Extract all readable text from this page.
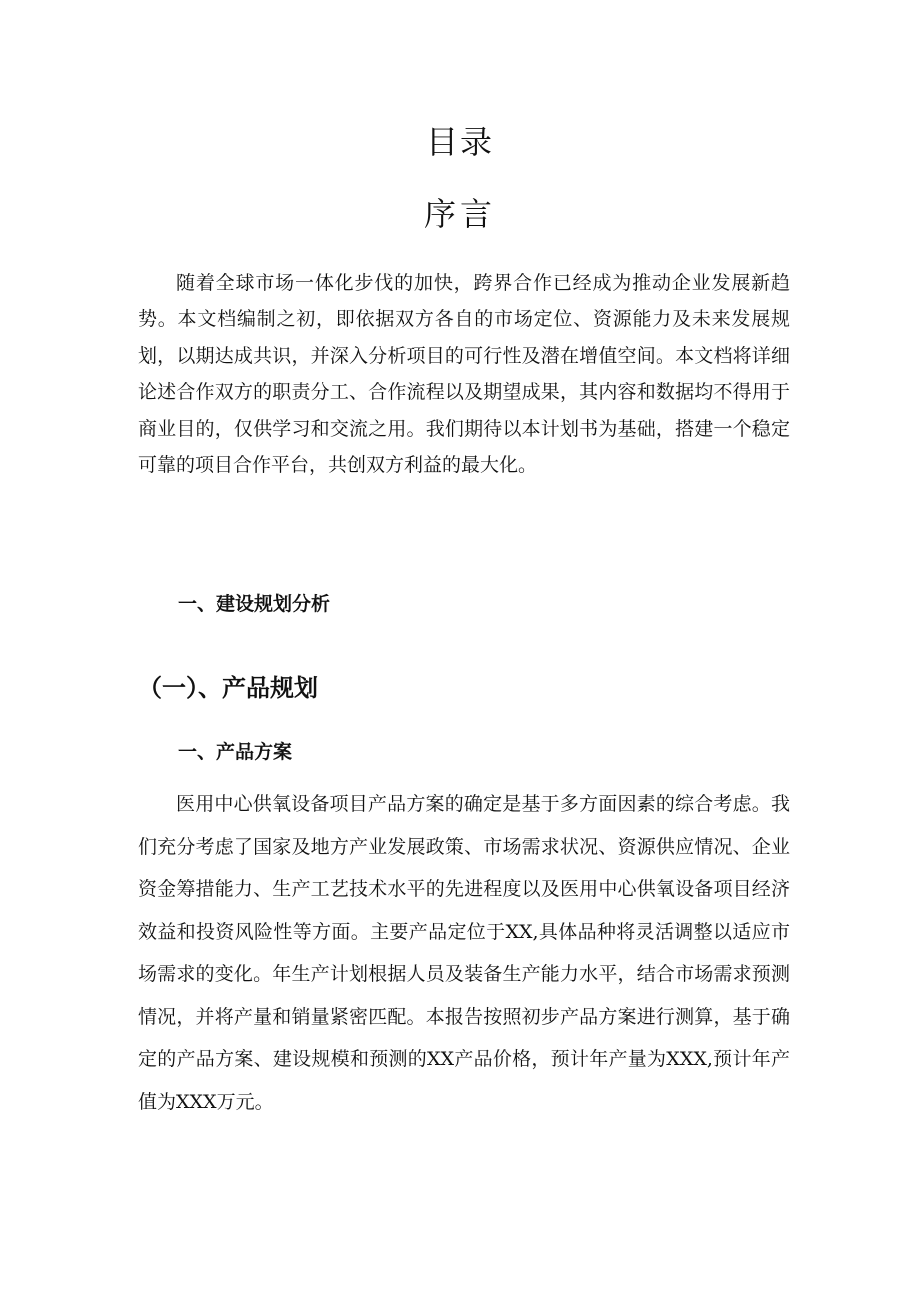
目录
序言

随着全球市场一体化步伐的加快，跨界合作已经成为推动企业发展新趋势。本文档编制之初，即依据双方各自的市场定位、资源能力及未来发展规划，以期达成共识，并深入分析项目的可行性及潜在增值空间。本文档将详细论述合作双方的职责分工、合作流程以及期望成果，其内容和数据均不得用于商业目的，仅供学习和交流之用。我们期待以本计划书为基础，搭建一个稳定可靠的项目合作平台，共创双方利益的最大化。

一、建设规划分析
（一）、产品规划
一、产品方案

医用中心供氧设备项目产品方案的确定是基于多方面因素的综合考虑。我们充分考虑了国家及地方产业发展政策、市场需求状况、资源供应情况、企业资金筹措能力、生产工艺技术水平的先进程度以及医用中心供氧设备项目经济效益和投资风险性等方面。主要产品定位于XX,具体品种将灵活调整以适应市场需求的变化。年生产计划根据人员及装备生产能力水平，结合市场需求预测情况，并将产量和销量紧密匹配。本报告按照初步产品方案进行测算，基于确定的产品方案、建设规模和预测的XX产品价格，预计年产量为XXX,预计年产值为XXX万元。
